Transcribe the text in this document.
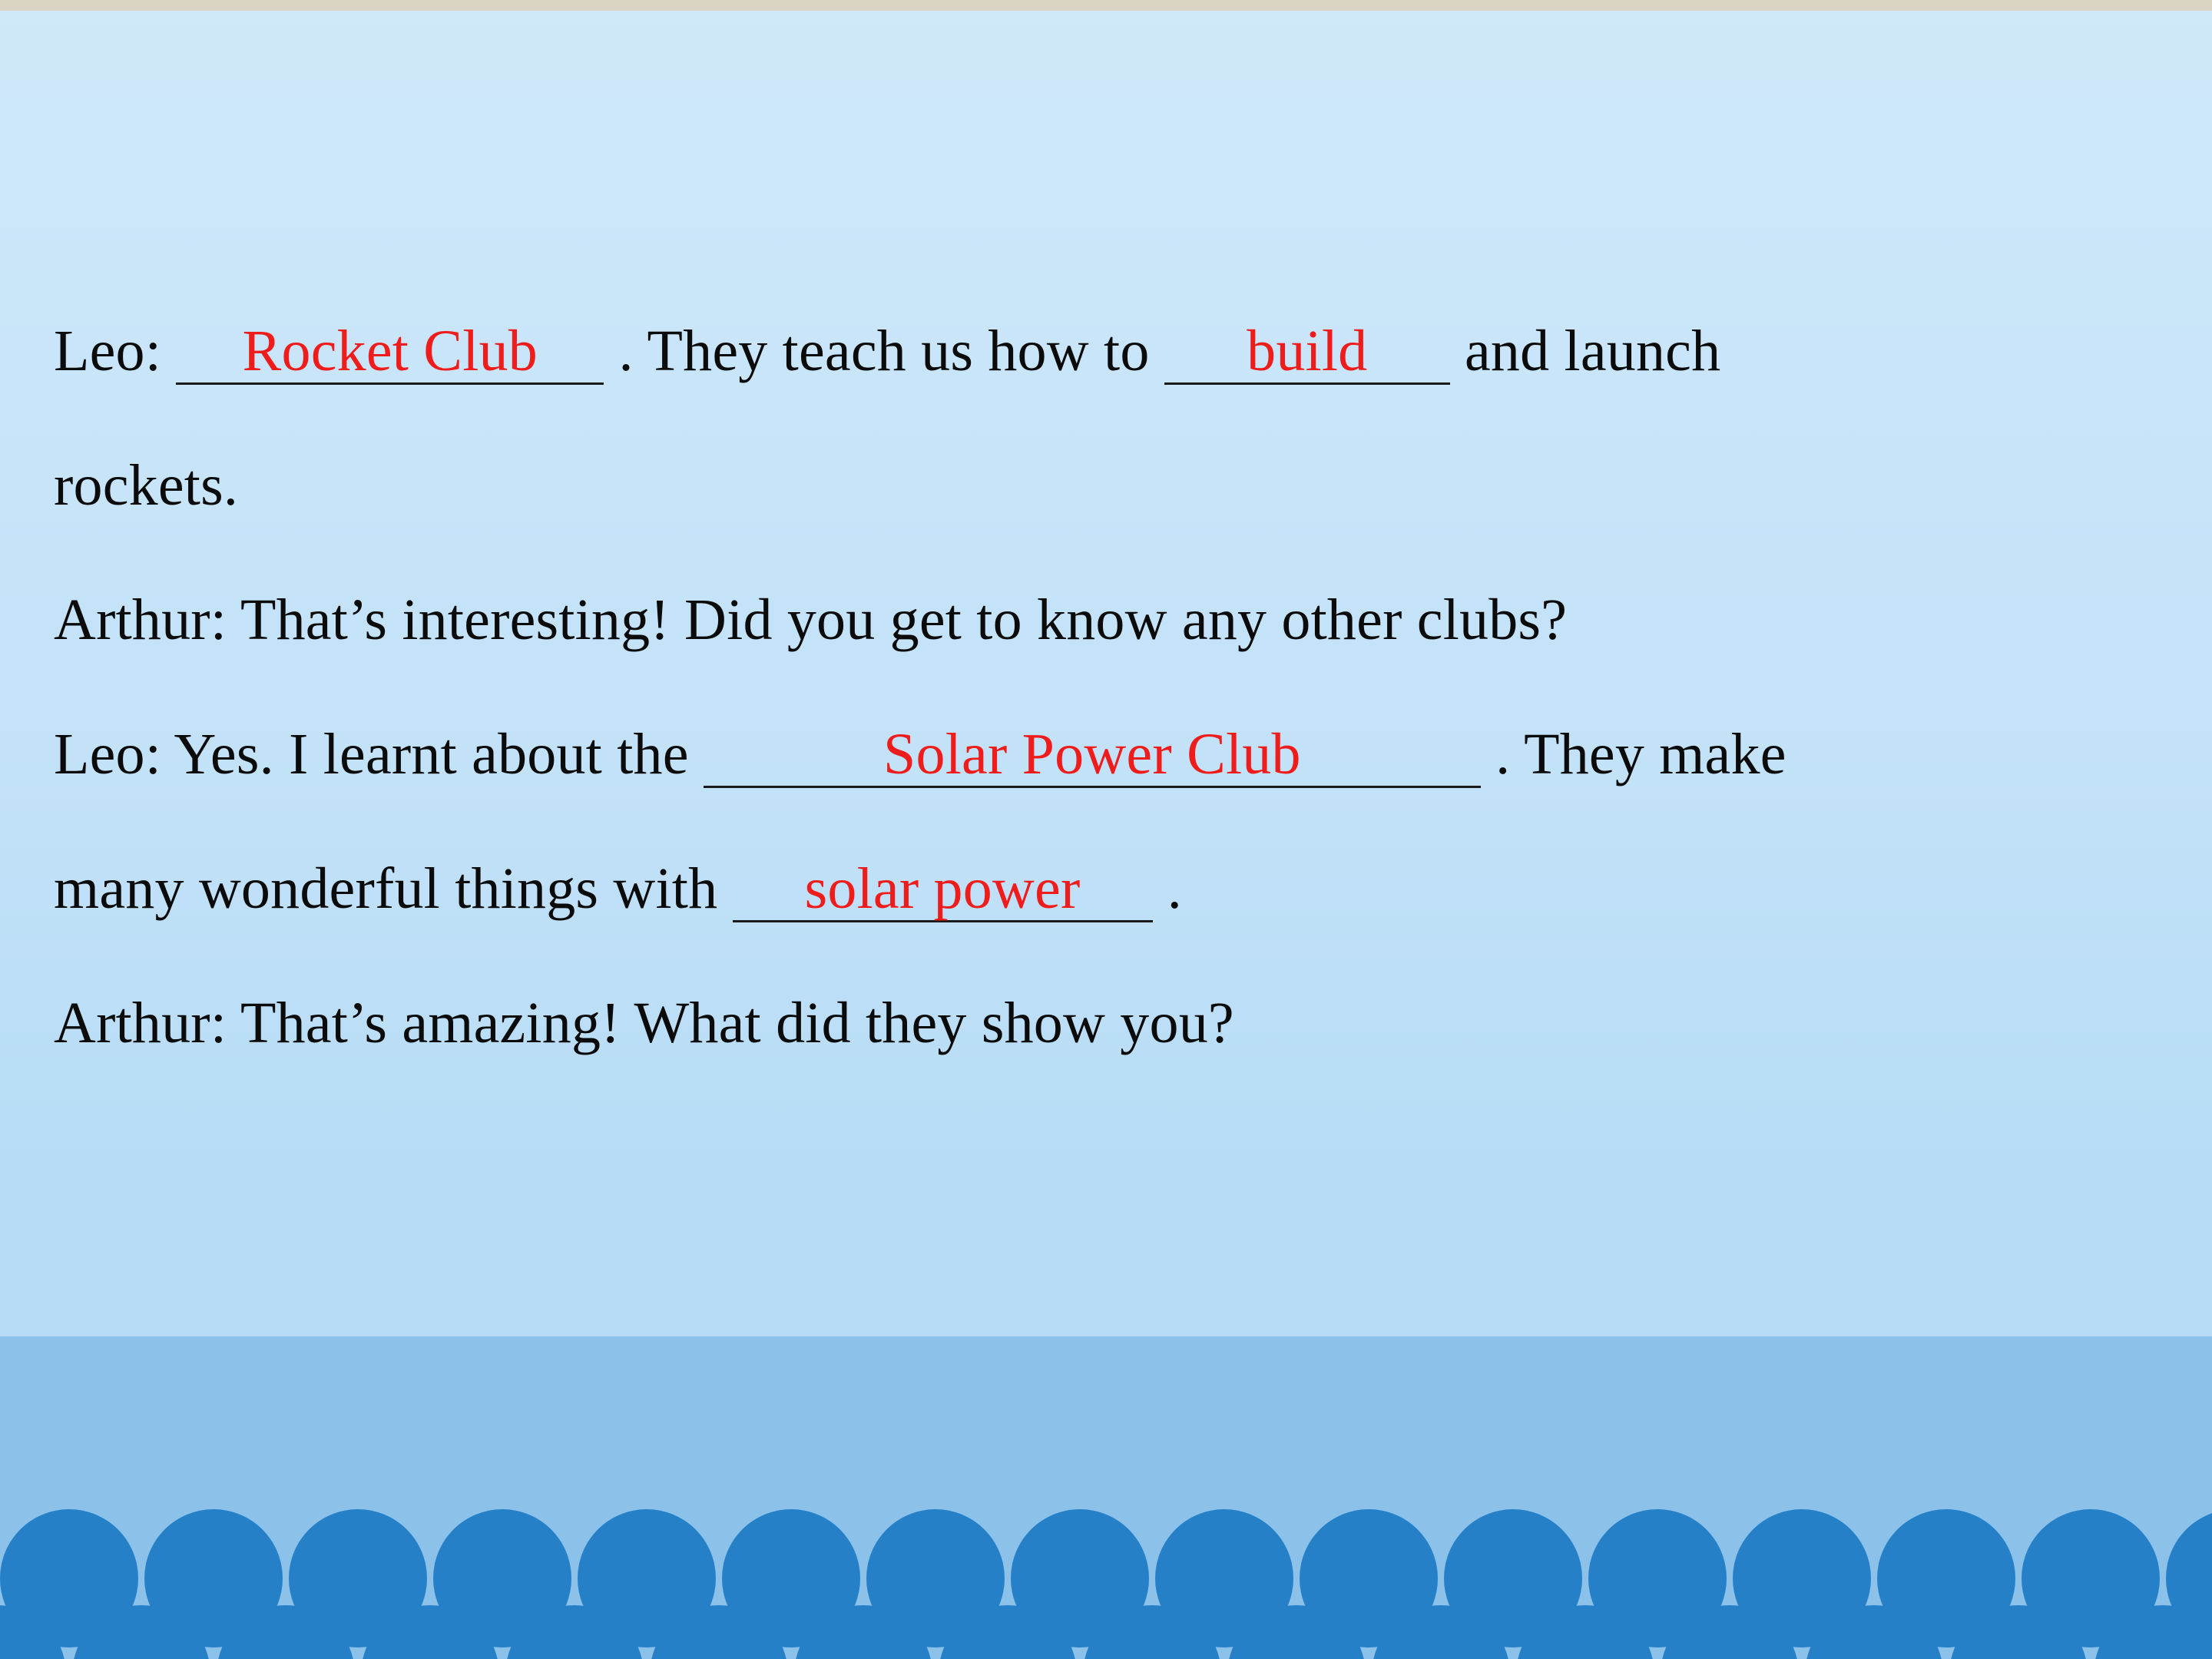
Leo: Rocket Club . They teach us how to build and launch
rockets.
Arthur: That’s interesting! Did you get to know any other clubs?
Leo: Yes. I learnt about the	Solar Power Club	. They make
many wonderful things with solar power .
Arthur: That’s amazing! What did they show you?
